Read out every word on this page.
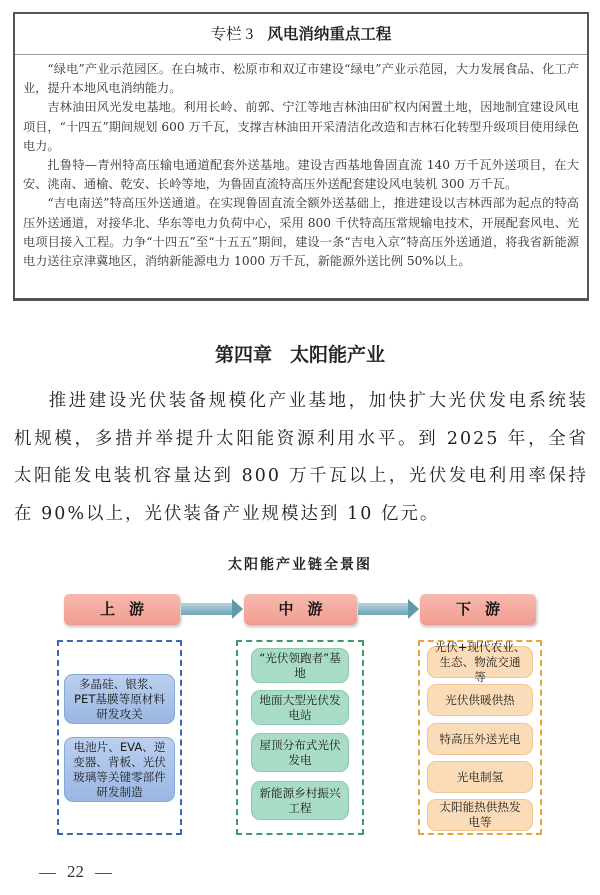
专栏 3 风电消纳重点工程

“绿电”产业示范园区。在白城市、松原市和双辽市建设“绿电”产业示范园，大力发展食品、化工产业，提升本地风电消纳能力。

吉林油田风光发电基地。利用长岭、前郭、宁江等地吉林油田矿权内闲置土地，因地制宜建设风电项目，“十四五”期间规划 600 万千瓦，支撑吉林油田开采清洁化改造和吉林石化转型升级项目使用绿色电力。

扎鲁特—青州特高压输电通道配套外送基地。建设吉西基地鲁固直流 140 万千瓦外送项目，在大安、洮南、通榆、乾安、长岭等地，为鲁固直流特高压外送配套建设风电装机 300 万千瓦。

“吉电南送”特高压外送通道。在实现鲁固直流全额外送基础上，推进建设以吉林西部为起点的特高压外送通道，对接华北、华东等电力负荷中心，采用 800 千伏特高压常规输电技术，开展配套风电、光电项目接入工程。力争“十四五”至“十五五”期间，建设一条“吉电入京”特高压外送通道，将我省新能源电力送往京津冀地区，消纳新能源电力 1000 万千瓦，新能源外送比例 50%以上。

第四章 太阳能产业

推进建设光伏装备规模化产业基地，加快扩大光伏发电系统装机规模，多措并举提升太阳能资源利用水平。到 2025 年，全省太阳能发电装机容量达到 800 万千瓦以上，光伏发电利用率保持在 90%以上，光伏装备产业规模达到 10 亿元。

太阳能产业链全景图
上游	中游	下游
多晶硅、银浆、PET基膜等原材料研发攻关
电池片、EVA、逆变器、背板、光伏玻璃等关键零部件研发制造
“光伏领跑者”基地
地面大型光伏发电站
屋顶分布式光伏发电
新能源乡村振兴工程
光伏+现代农业、生态、物流交通等
光伏供暖供热
特高压外送光电
光电制氢
太阳能热供热发电等
22
